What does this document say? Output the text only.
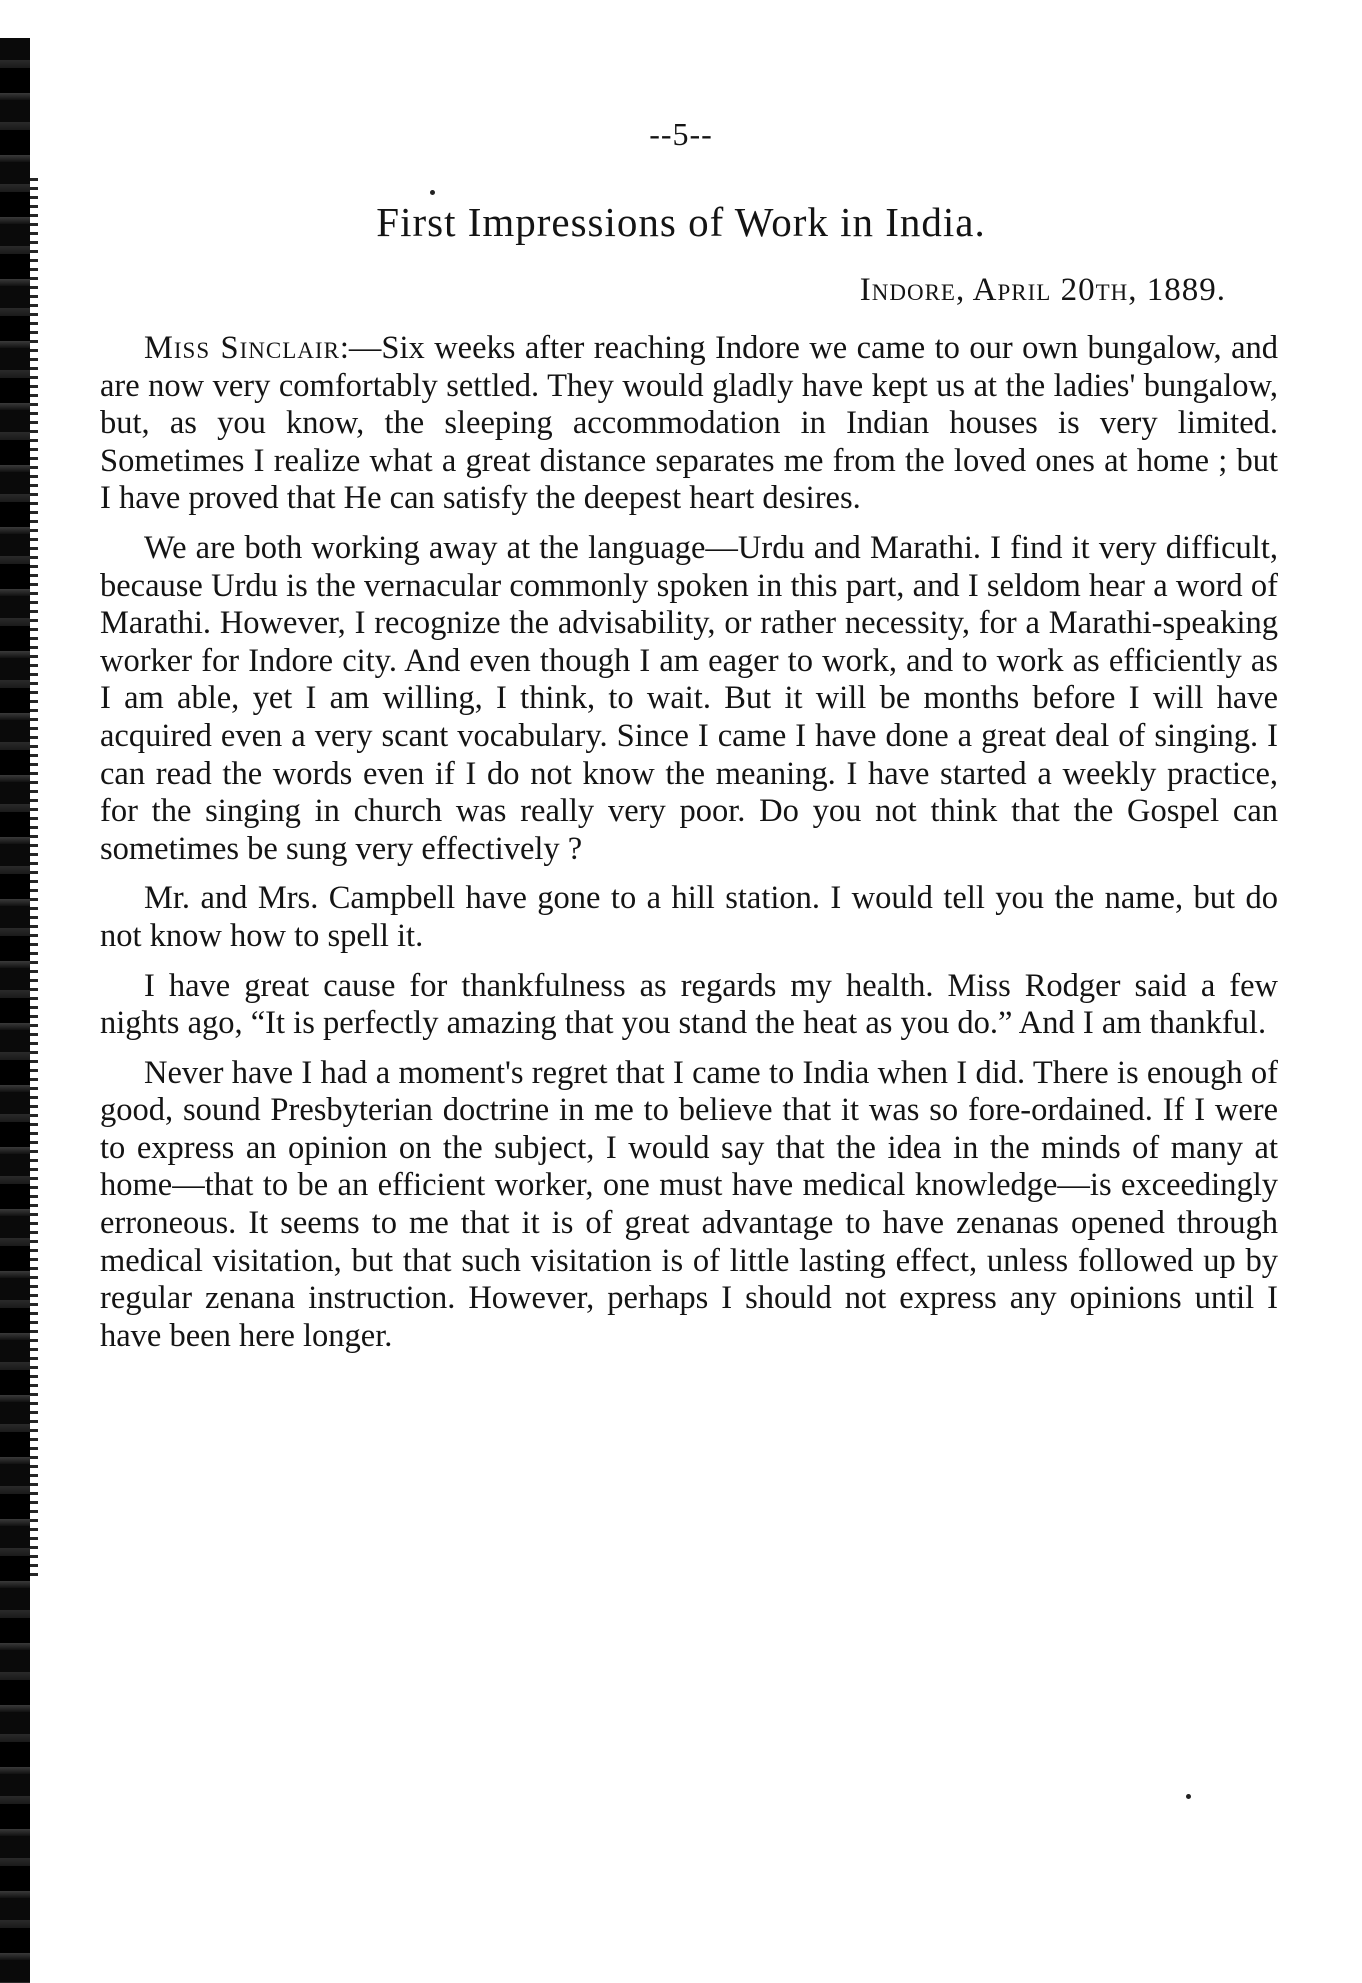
--5--
First Impressions of Work in India.
Indore, April 20th, 1889.

Miss Sinclair:—Six weeks after reaching Indore we came to our own bungalow, and are now very comfortably settled. They would gladly have kept us at the ladies' bungalow, but, as you know, the sleeping accommodation in Indian houses is very limited. Sometimes I realize what a great distance separates me from the loved ones at home ; but I have proved that He can satisfy the deepest heart desires.

We are both working away at the language—Urdu and Marathi. I find it very difficult, because Urdu is the vernacular commonly spoken in this part, and I seldom hear a word of Marathi. However, I recognize the advisability, or rather necessity, for a Marathi-speaking worker for Indore city. And even though I am eager to work, and to work as efficiently as I am able, yet I am willing, I think, to wait. But it will be months before I will have acquired even a very scant vocabulary. Since I came I have done a great deal of singing. I can read the words even if I do not know the meaning. I have started a weekly practice, for the singing in church was really very poor. Do you not think that the Gospel can sometimes be sung very effectively ?

Mr. and Mrs. Campbell have gone to a hill station. I would tell you the name, but do not know how to spell it.

I have great cause for thankfulness as regards my health. Miss Rodger said a few nights ago, “It is perfectly amazing that you stand the heat as you do.” And I am thankful.

Never have I had a moment's regret that I came to India when I did. There is enough of good, sound Presbyterian doctrine in me to believe that it was so fore-ordained. If I were to express an opinion on the subject, I would say that the idea in the minds of many at home—that to be an efficient worker, one must have medical knowledge—is exceedingly erroneous. It seems to me that it is of great advantage to have zenanas opened through medical visitation, but that such visitation is of little lasting effect, unless followed up by regular zenana instruction. However, perhaps I should not express any opinions until I have been here longer.
